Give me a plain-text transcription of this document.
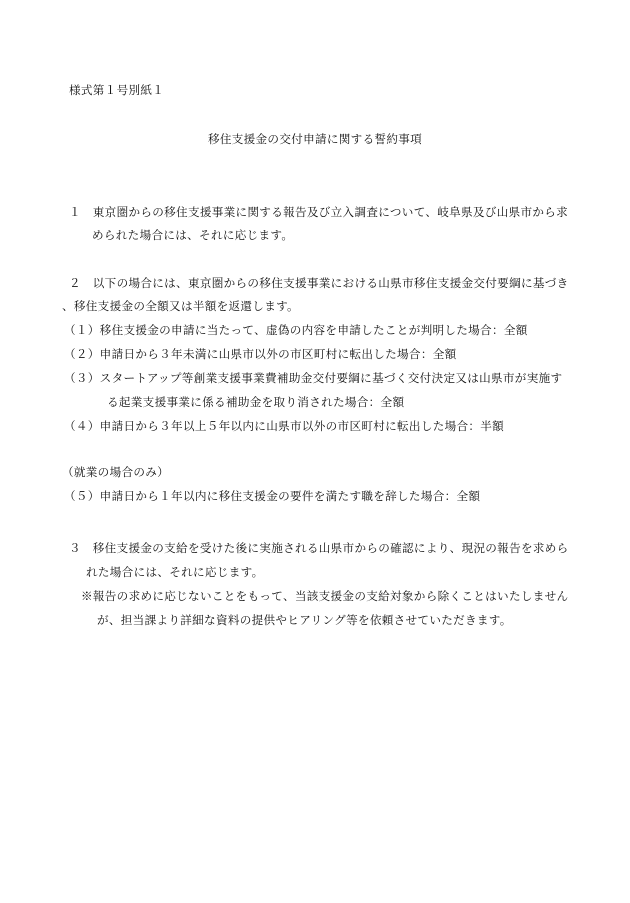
様式第１号別紙１
移住支援金の交付申請に関する誓約事項
１　東京圏からの移住支援事業に関する報告及び立入調査について、岐阜県及び山県市から求
められた場合には、それに応じます。
２　以下の場合には、東京圏からの移住支援事業における山県市移住支援金交付要綱に基づき
、移住支援金の全額又は半額を返還します。
（１）移住支援金の申請に当たって、虚偽の内容を申請したことが判明した場合：全額
（２）申請日から３年未満に山県市以外の市区町村に転出した場合：全額
（３）スタートアップ等創業支援事業費補助金交付要綱に基づく交付決定又は山県市が実施す
る起業支援事業に係る補助金を取り消された場合：全額
（４）申請日から３年以上５年以内に山県市以外の市区町村に転出した場合：半額
（就業の場合のみ）
（５）申請日から１年以内に移住支援金の要件を満たす職を辞した場合：全額
３　移住支援金の支給を受けた後に実施される山県市からの確認により、現況の報告を求めら
れた場合には、それに応じます。
※報告の求めに応じないことをもって、当該支援金の支給対象から除くことはいたしません
が、担当課より詳細な資料の提供やヒアリング等を依頼させていただきます。
